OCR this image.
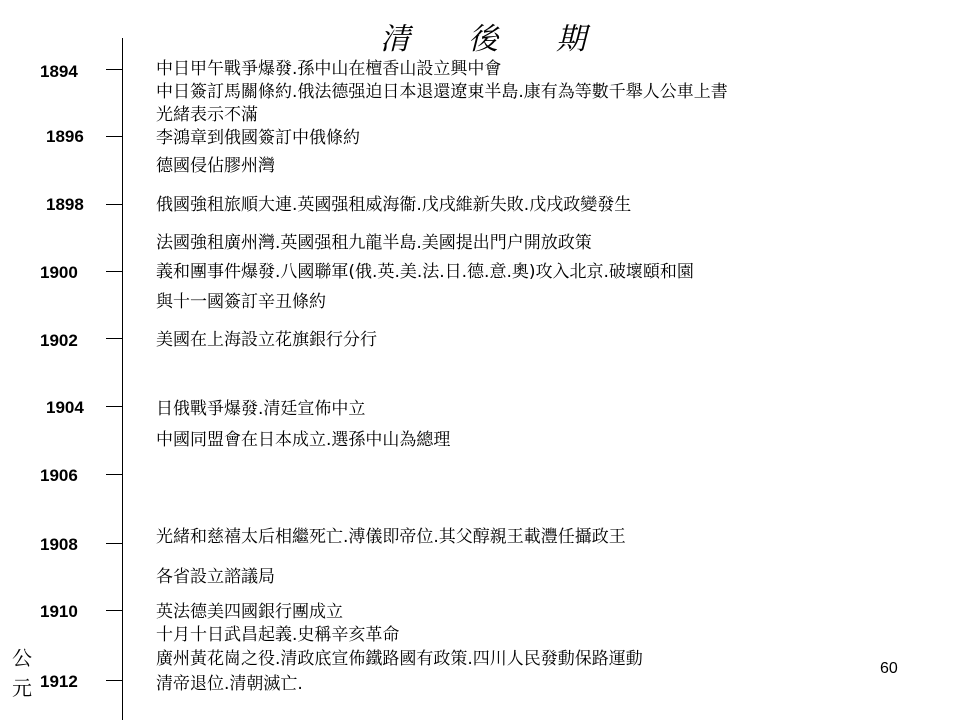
清　後　期
1894
1896
1898
1900
1902
1904
1906
1908
1910
1912
中日甲午戰爭爆發.孫中山在檀香山設立興中會
中日簽訂馬關條約.俄法德强迫日本退還遼東半島.康有為等數千舉人公車上書
光緒表示不滿
李鴻章到俄國簽訂中俄條約
德國侵佔膠州灣
俄國強租旅順大連.英國强租威海衞.戊戌維新失敗.戊戌政變發生
法國強租廣州灣.英國强租九龍半島.美國提出門户開放政策
義和團事件爆發.八國聯軍(俄.英.美.法.日.德.意.奧)攻入北京.破壞頤和園
與十一國簽訂辛丑條約
美國在上海設立花旗銀行分行
日俄戰爭爆發.清廷宣佈中立
中國同盟會在日本成立.選孫中山為總理
光緒和慈禧太后相繼死亡.溥儀即帝位.其父醇親王載灃任攝政王
各省設立諮議局
英法德美四國銀行團成立
十月十日武昌起義.史稱辛亥革命
廣州黃花崗之役.清政底宣佈鐵路國有政策.四川人民發動保路運動
清帝退位.清朝滅亡.
公
元
60
